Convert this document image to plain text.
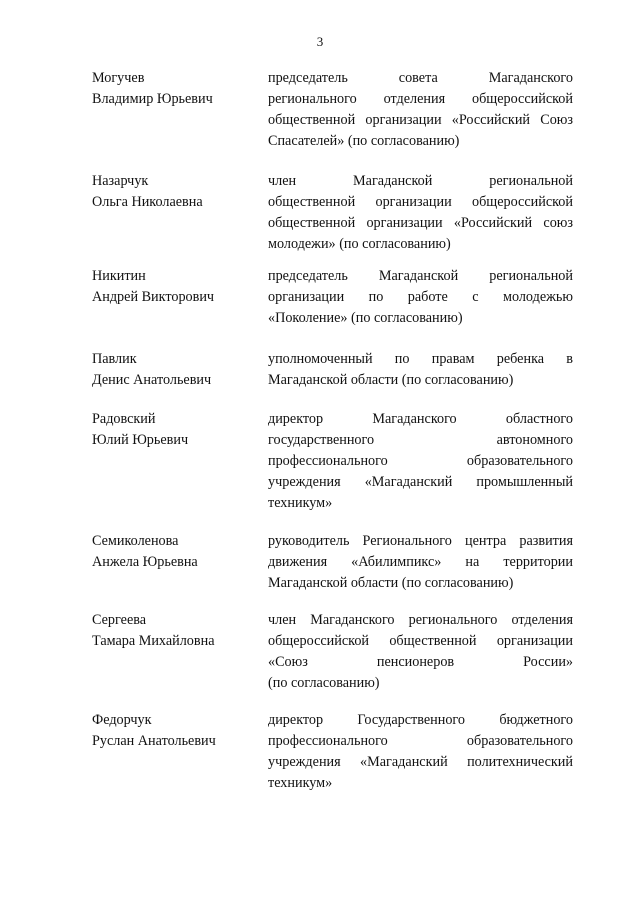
3
Могучев
Владимир Юрьевич
председатель совета Магаданского
регионального отделения общероссийской
общественной организации «Российский Союз
Спасателей» (по согласованию)
Назарчук
Ольга Николаевна
член Магаданской региональной
общественной организации общероссийской
общественной организации «Российский союз
молодежи» (по согласованию)
Никитин
Андрей Викторович
председатель Магаданской региональной
организации по работе с молодежью
«Поколение» (по согласованию)
Павлик
Денис Анатольевич
уполномоченный по правам ребенка в
Магаданской области (по согласованию)
Радовский
Юлий Юрьевич
директор Магаданского областного
государственного автономного
профессионального образовательного
учреждения «Магаданский промышленный
техникум»
Семиколенова
Анжела Юрьевна
руководитель Регионального центра развития
движения «Абилимпикс» на территории
Магаданской области (по согласованию)
Сергеева
Тамара Михайловна
член Магаданского регионального отделения
общероссийской общественной организации
«Союз пенсионеров России»
(по согласованию)
Федорчук
Руслан Анатольевич
директор Государственного бюджетного
профессионального образовательного
учреждения «Магаданский политехнический
техникум»
